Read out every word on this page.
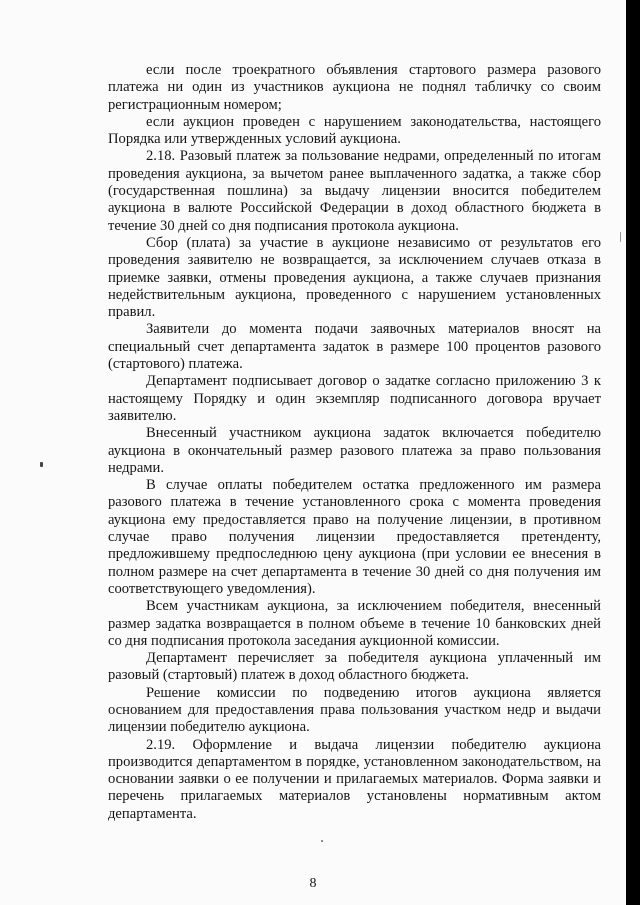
если после троекратного объявления стартового размера разового платежа ни один из участников аукциона не поднял табличку со своим регистрационным номером;

если аукцион проведен с нарушением законодательства, настоящего Порядка или утвержденных условий аукциона.

2.18. Разовый платеж за пользование недрами, определенный по итогам проведения аукциона, за вычетом ранее выплаченного задатка, а также сбор (государственная пошлина) за выдачу лицензии вносится победителем аукциона в валюте Российской Федерации в доход областного бюджета в течение 30 дней со дня подписания протокола аукциона.

Сбор (плата) за участие в аукционе независимо от результатов его проведения заявителю не возвращается, за исключением случаев отказа в приемке заявки, отмены проведения аукциона, а также случаев признания недействительным аукциона, проведенного с нарушением установленных правил.

Заявители до момента подачи заявочных материалов вносят на специальный счет департамента задаток в размере 100 процентов разового (стартового) платежа.

Департамент подписывает договор о задатке согласно приложению 3 к настоящему Порядку и один экземпляр подписанного договора вручает заявителю.

Внесенный участником аукциона задаток включается победителю аукциона в окончательный размер разового платежа за право пользования недрами.

В случае оплаты победителем остатка предложенного им размера разового платежа в течение установленного срока с момента проведения аукциона ему предоставляется право на получение лицензии, в противном случае право получения лицензии предоставляется претенденту, предложившему предпоследнюю цену аукциона (при условии ее внесения в полном размере на счет департамента в течение 30 дней со дня получения им соответствующего уведомления).

Всем участникам аукциона, за исключением победителя, внесенный размер задатка возвращается в полном объеме в течение 10 банковских дней со дня подписания протокола заседания аукционной комиссии.

Департамент перечисляет за победителя аукциона уплаченный им разовый (стартовый) платеж в доход областного бюджета.

Решение комиссии по подведению итогов аукциона является основанием для предоставления права пользования участком недр и выдачи лицензии победителю аукциона.

2.19. Оформление и выдача лицензии победителю аукциона производится департаментом в порядке, установленном законодательством, на основании заявки о ее получении и прилагаемых материалов. Форма заявки и перечень прилагаемых материалов установлены нормативным актом департамента.

8
